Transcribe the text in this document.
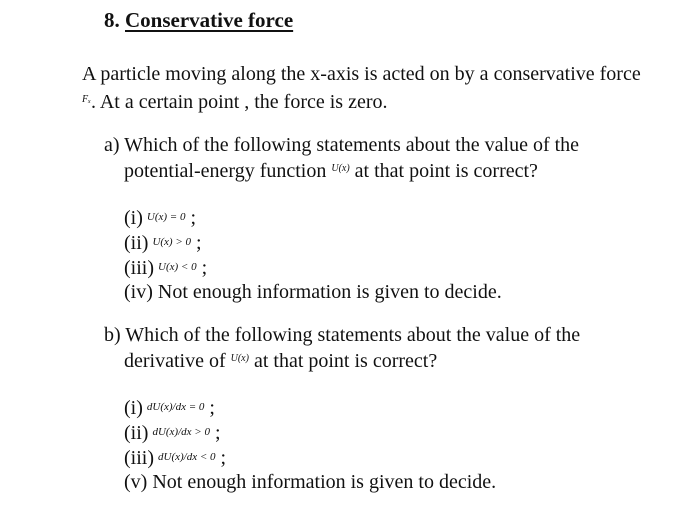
8. Conservative force
A particle moving along the x-axis is acted on by a conservative force $^{F_x}$. At a certain point , the force is zero.
a) Which of the following statements about the value of the
potential-energy function $^{U(x)}$ at that point is correct?
(i) $^{U(x) = 0}$ ;
(ii) $^{U(x) > 0}$ ;
(iii) $^{U(x) < 0}$ ;
(iv) Not enough information is given to decide.
b) Which of the following statements about the value of the
derivative of $^{U(x)}$ at that point is correct?
(i) $^{dU(x)/dx = 0}$ ;
(ii) $^{dU(x)/dx > 0}$ ;
(iii) $^{dU(x)/dx < 0}$ ;
(v) Not enough information is given to decide.
